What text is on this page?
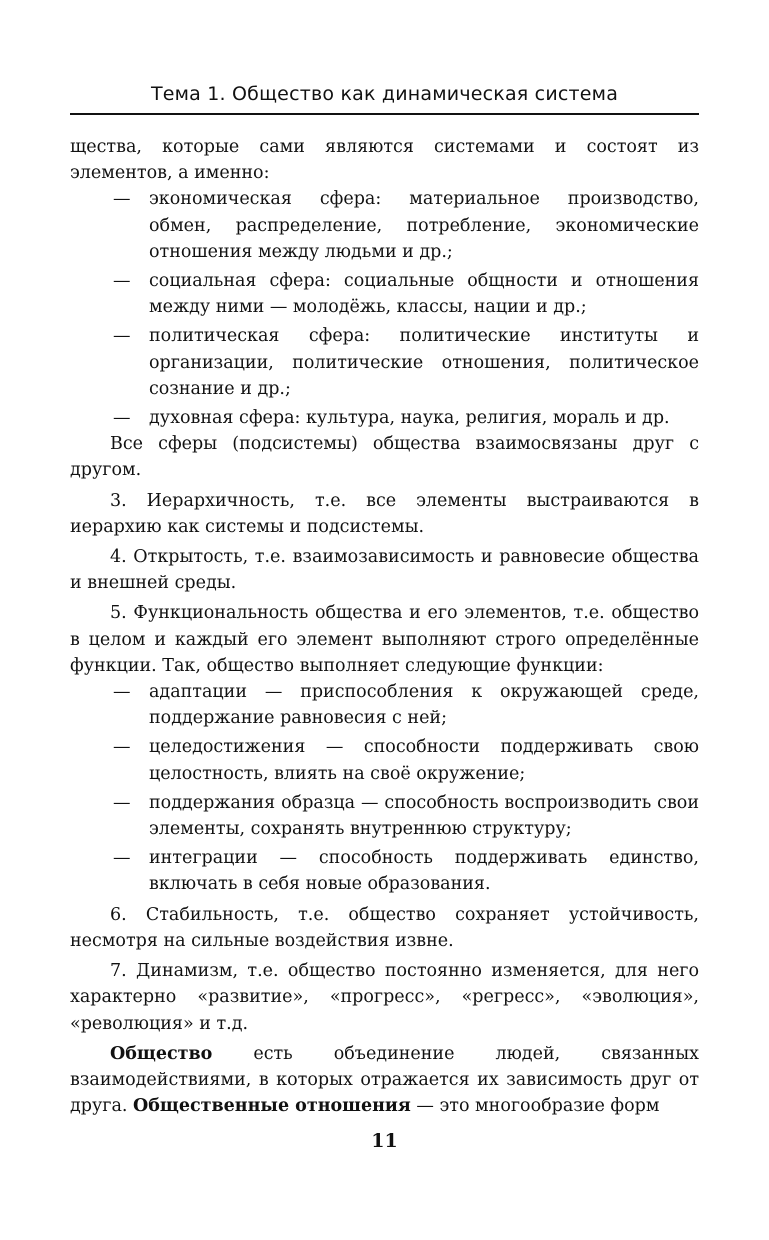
Тема 1. Общество как динамическая система

щества, которые сами являются системами и состоят из элементов, а именно:

— экономическая сфера: материальное производство, обмен, распределение, потребление, экономические отношения между людьми и др.;
— социальная сфера: социальные общности и отношения между ними — молодёжь, классы, нации и др.;
— политическая сфера: политические институты и организации, политические отношения, политическое сознание и др.;
— духовная сфера: культура, наука, религия, мораль и др.

Все сферы (подсистемы) общества взаимосвязаны друг с другом.

3. Иерархичность, т.е. все элементы выстраиваются в иерархию как системы и подсистемы.

4. Открытость, т.е. взаимозависимость и равновесие общества и внешней среды.

5. Функциональность общества и его элементов, т.е. общество в целом и каждый его элемент выполняют строго определённые функции. Так, общество выполняет следующие функции:

— адаптации — приспособления к окружающей среде, поддержание равновесия с ней;
— целедостижения — способности поддерживать свою целостность, влиять на своё окружение;
— поддержания образца — способность воспроизводить свои элементы, сохранять внутреннюю структуру;
— интеграции — способность поддерживать единство, включать в себя новые образования.

6. Стабильность, т.е. общество сохраняет устойчивость, несмотря на сильные воздействия извне.

7. Динамизм, т.е. общество постоянно изменяется, для него характерно «развитие», «прогресс», «регресс», «эволюция», «революция» и т.д.

Общество есть объединение людей, связанных взаимодействиями, в которых отражается их зависимость друг от друга. Общественные отношения — это многообразие форм

11
